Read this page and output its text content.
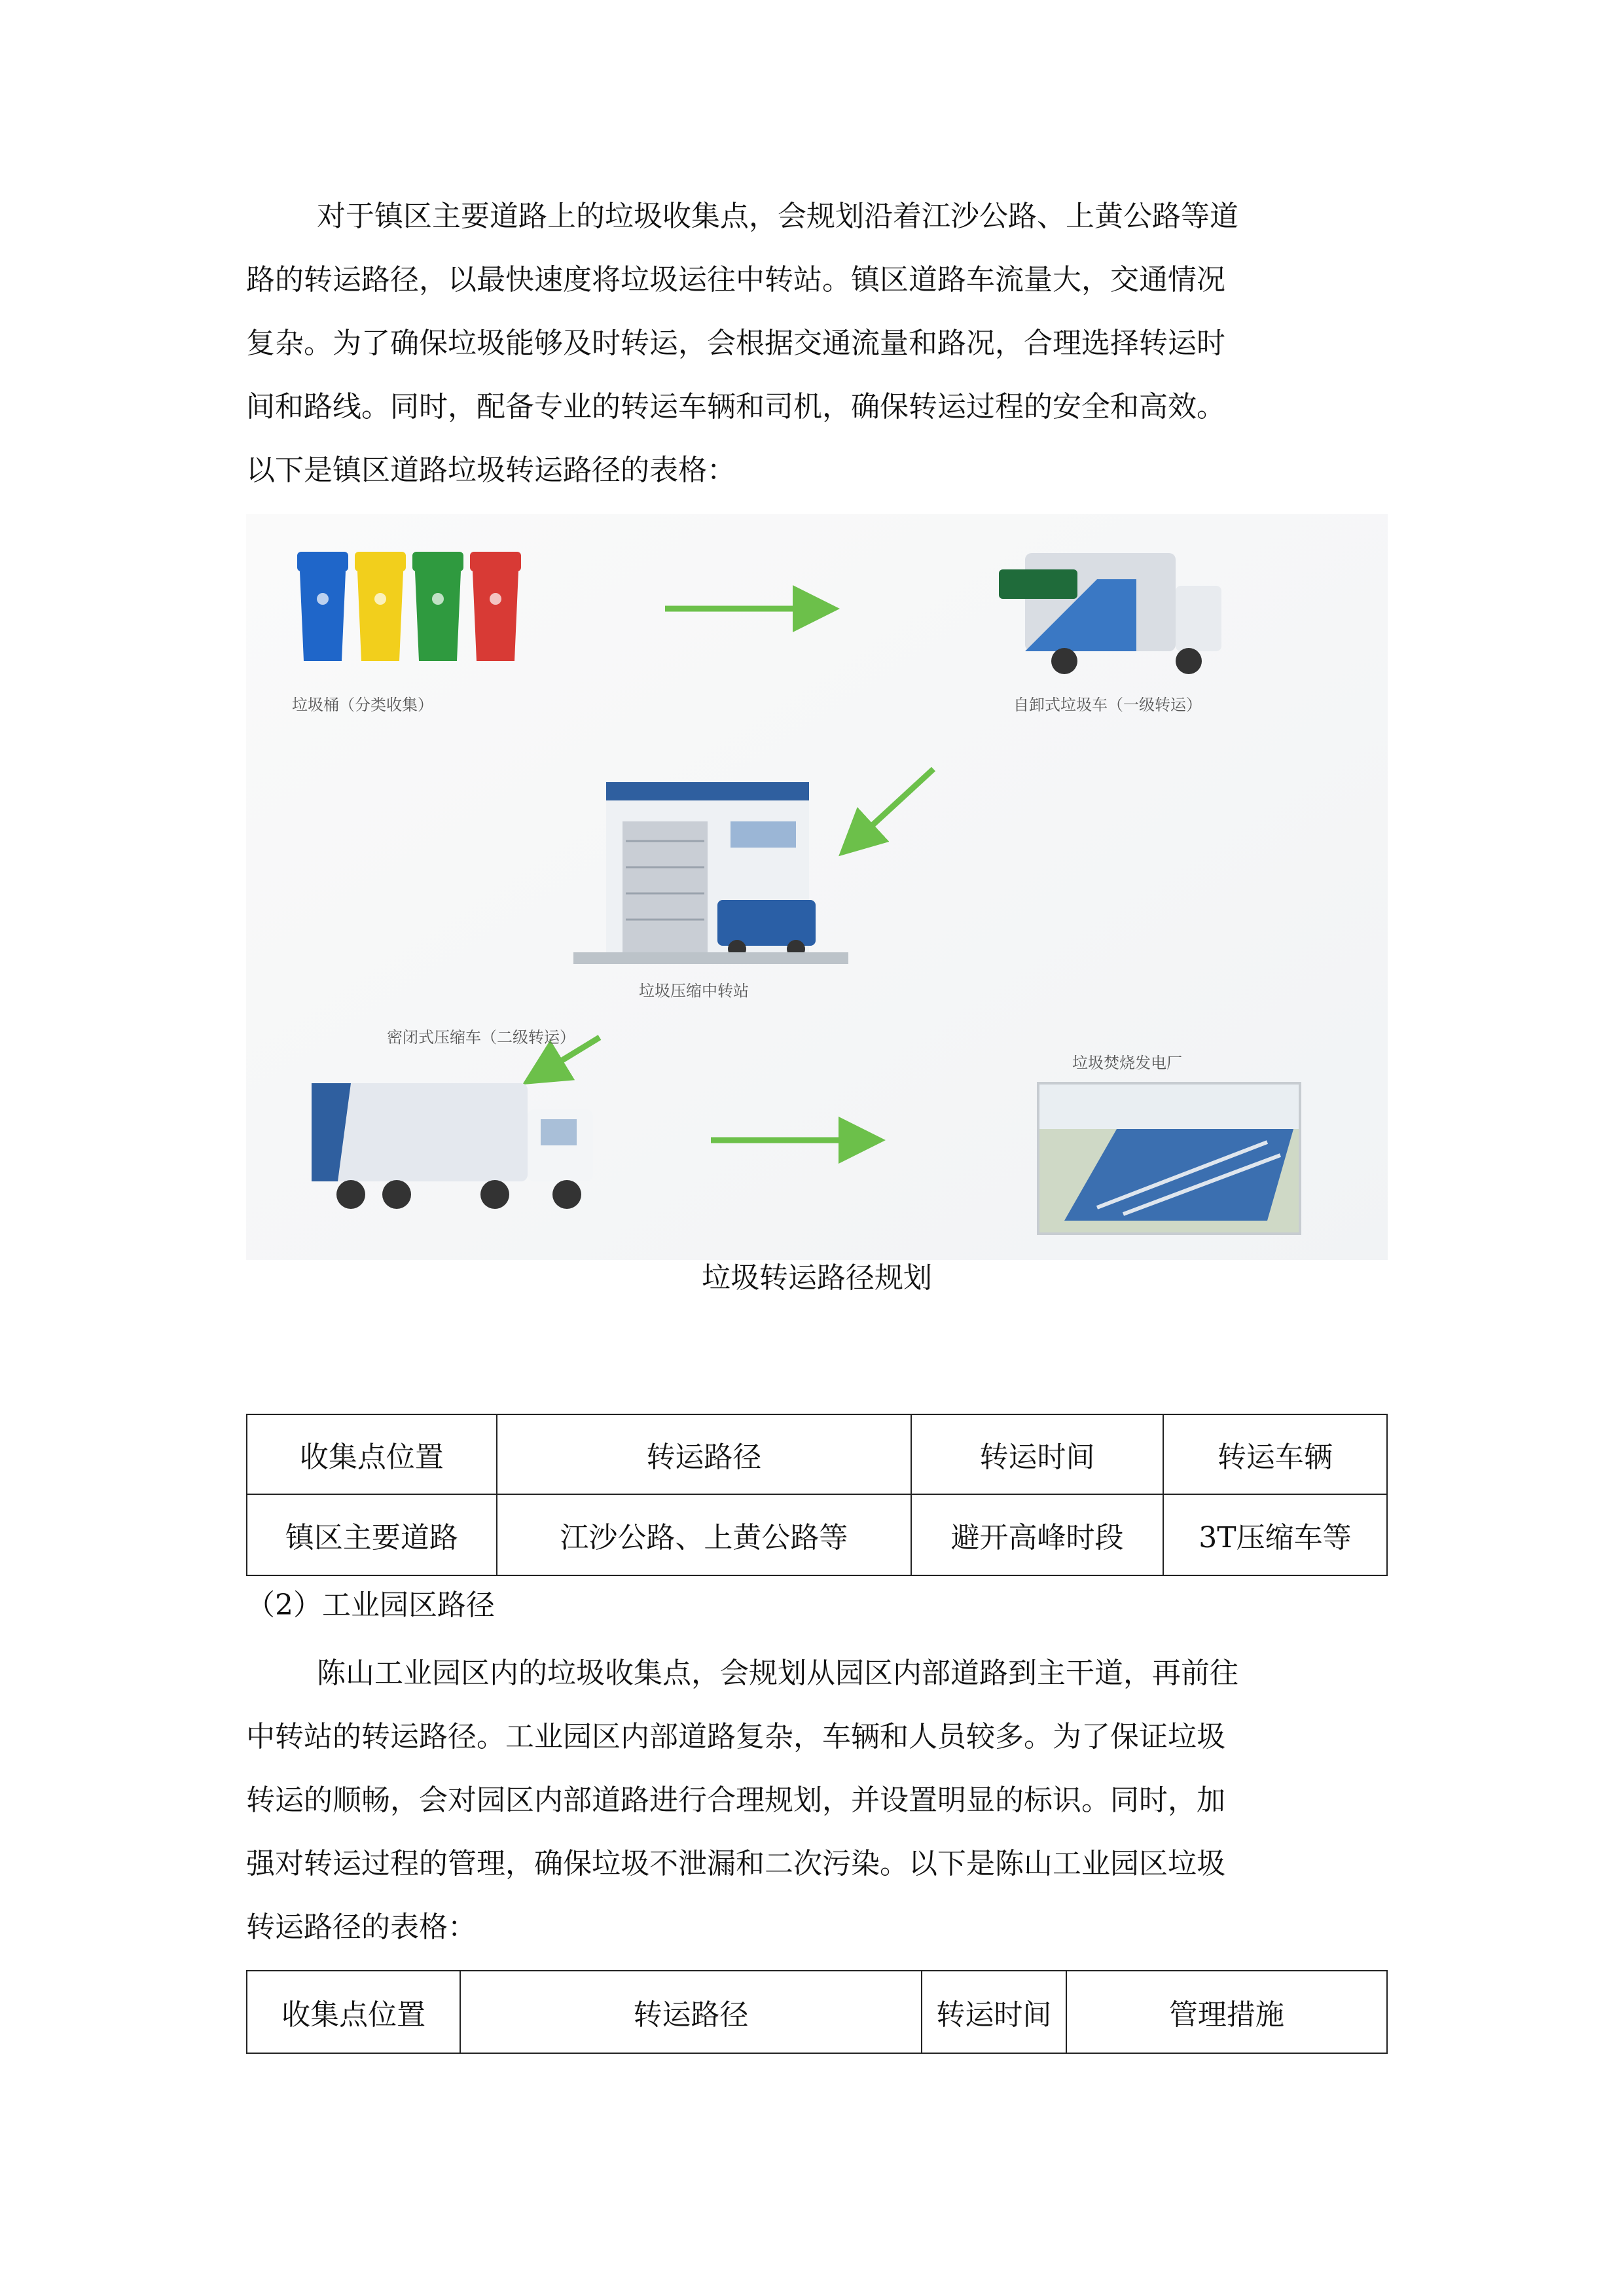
对于镇区主要道路上的垃圾收集点，会规划沿着江沙公路、上黄公路等道
路的转运路径，以最快速度将垃圾运往中转站。镇区道路车流量大，交通情况
复杂。为了确保垃圾能够及时转运，会根据交通流量和路况，合理选择转运时
间和路线。同时，配备专业的转运车辆和司机，确保转运过程的安全和高效。
以下是镇区道路垃圾转运路径的表格：
垃圾桶（分类收集）	自卸式垃圾车（一级转运）
垃圾压缩中转站
密闭式压缩车（二级转运）
垃圾焚烧发电厂
垃圾转运路径规划
收集点位置	转运路径	转运时间	转运车辆
镇区主要道路	江沙公路、上黄公路等	避开高峰时段	3T压缩车等

（2）工业园区路径

陈山工业园区内的垃圾收集点，会规划从园区内部道路到主干道，再前往
中转站的转运路径。工业园区内部道路复杂，车辆和人员较多。为了保证垃圾
转运的顺畅，会对园区内部道路进行合理规划，并设置明显的标识。同时，加
强对转运过程的管理，确保垃圾不泄漏和二次污染。以下是陈山工业园区垃圾
转运路径的表格：
收集点位置	转运路径	转运时间	管理措施
